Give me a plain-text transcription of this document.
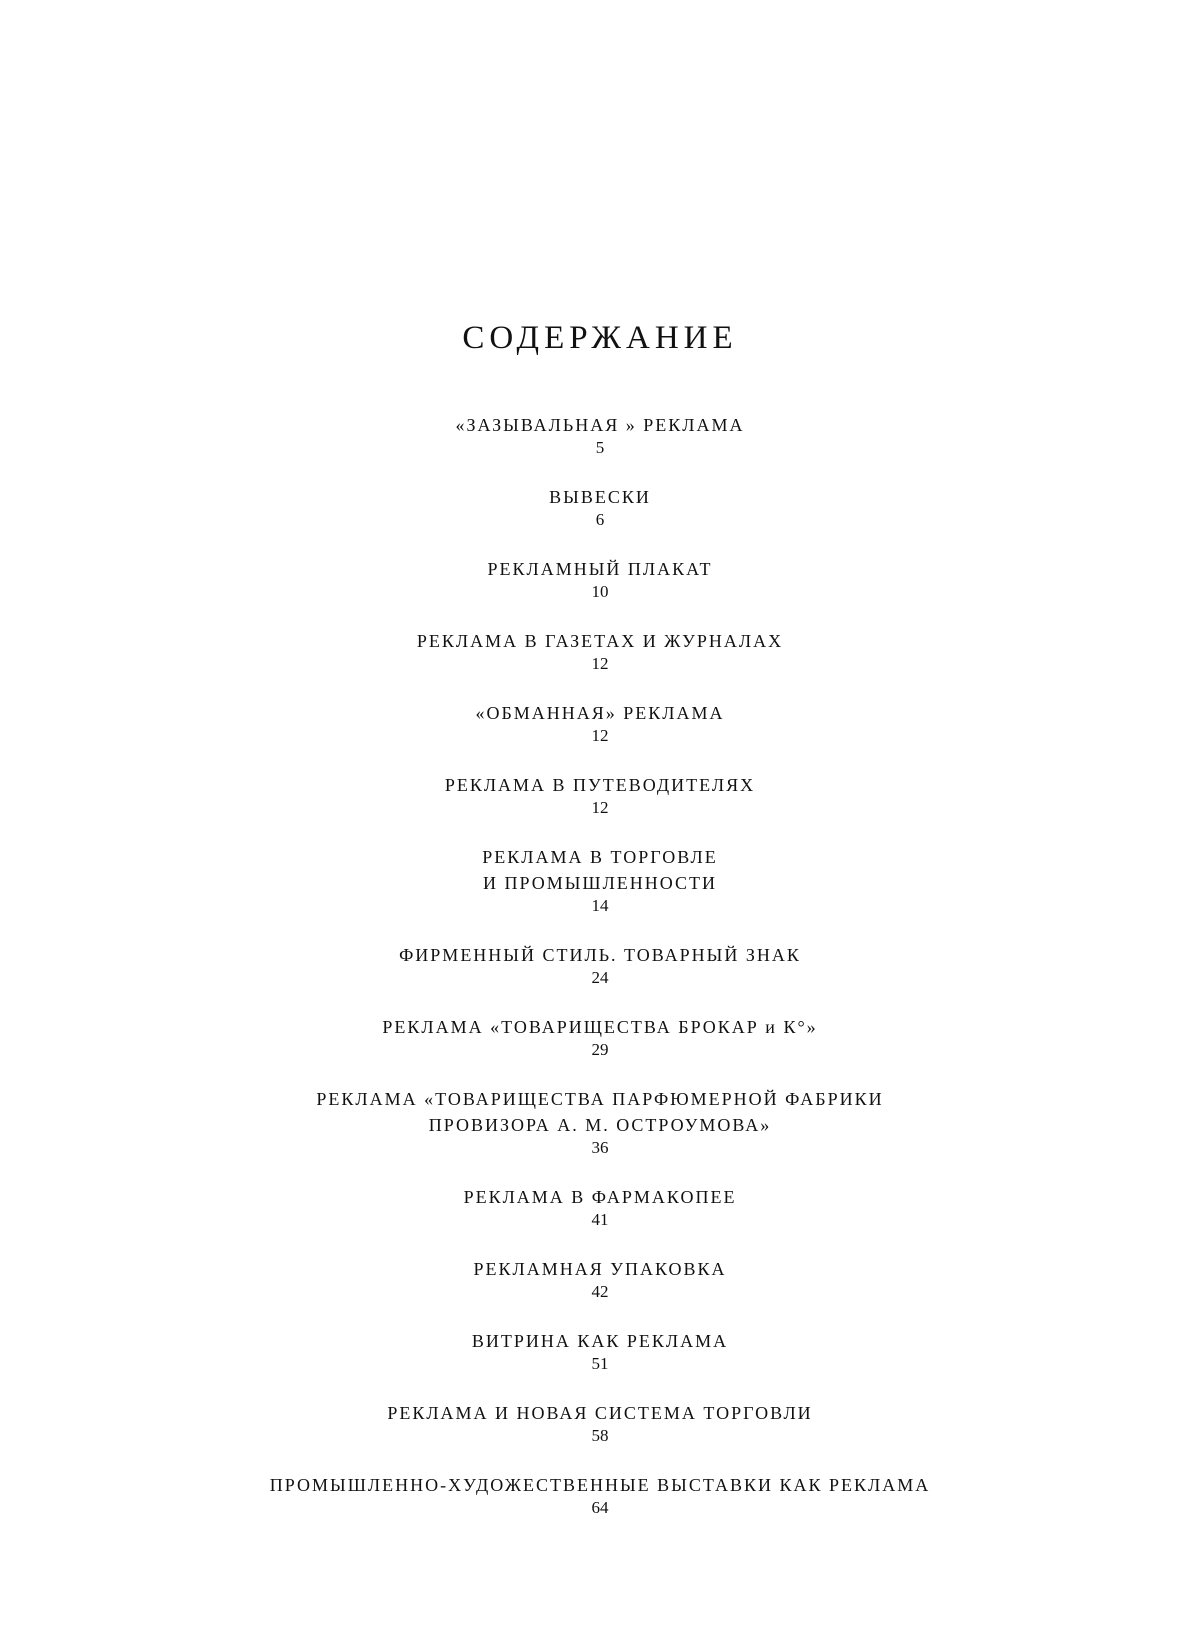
СОДЕРЖАНИЕ
«ЗАЗЫВАЛЬНАЯ » РЕКЛАМА
5
ВЫВЕСКИ
6
РЕКЛАМНЫЙ ПЛАКАТ
10
РЕКЛАМА В ГАЗЕТАХ И ЖУРНАЛАХ
12
«ОБМАННАЯ» РЕКЛАМА
12
РЕКЛАМА В ПУТЕВОДИТЕЛЯХ
12
РЕКЛАМА В ТОРГОВЛЕ
И ПРОМЫШЛЕННОСТИ
14
ФИРМЕННЫЙ СТИЛЬ. ТОВАРНЫЙ ЗНАК
24
РЕКЛАМА «ТОВАРИЩЕСТВА БРОКАР и К°»
29
РЕКЛАМА «ТОВАРИЩЕСТВА ПАРФЮМЕРНОЙ ФАБРИКИ
ПРОВИЗОРА А. М. ОСТРОУМОВА»
36
РЕКЛАМА В ФАРМАКОПЕЕ
41
РЕКЛАМНАЯ УПАКОВКА
42
ВИТРИНА КАК РЕКЛАМА
51
РЕКЛАМА И НОВАЯ СИСТЕМА ТОРГОВЛИ
58
ПРОМЫШЛЕННО-ХУДОЖЕСТВЕННЫЕ ВЫСТАВКИ КАК РЕКЛАМА
64
